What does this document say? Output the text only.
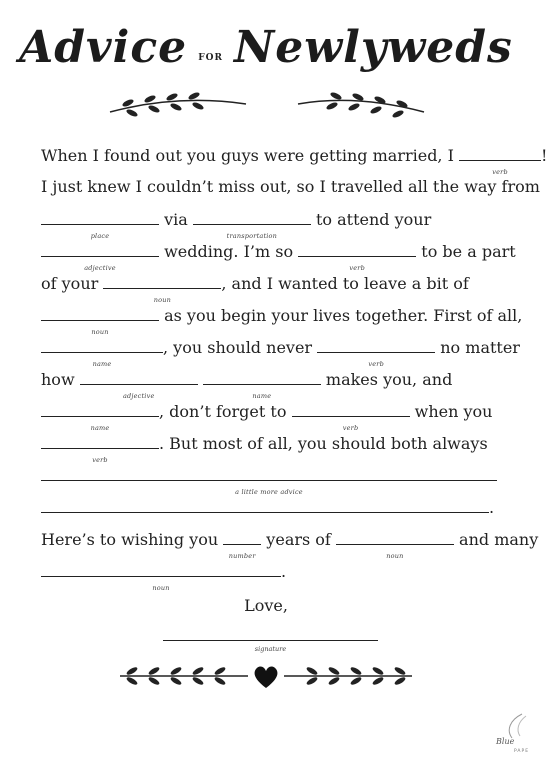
Advice FOR Newlyweds
When I found out you guys were getting married, I
verb
!
I just knew I couldn’t miss out, so I travelled all the way from
place
via
transportation
to attend your
adjective
wedding. I’m so
verb
to be a part
of your
noun
, and I wanted to leave a bit of
noun
as you begin your lives together. First of all,
name
, you should never
verb
no matter
how
adjective
	name
makes you, and
name
, don’t forget to
verb
when you
verb
. But most of all, you should both always
a little more advice
.
Here’s to wishing you
number
years of
noun
and many
noun
.
Love,
signature
Blue
PAPE
